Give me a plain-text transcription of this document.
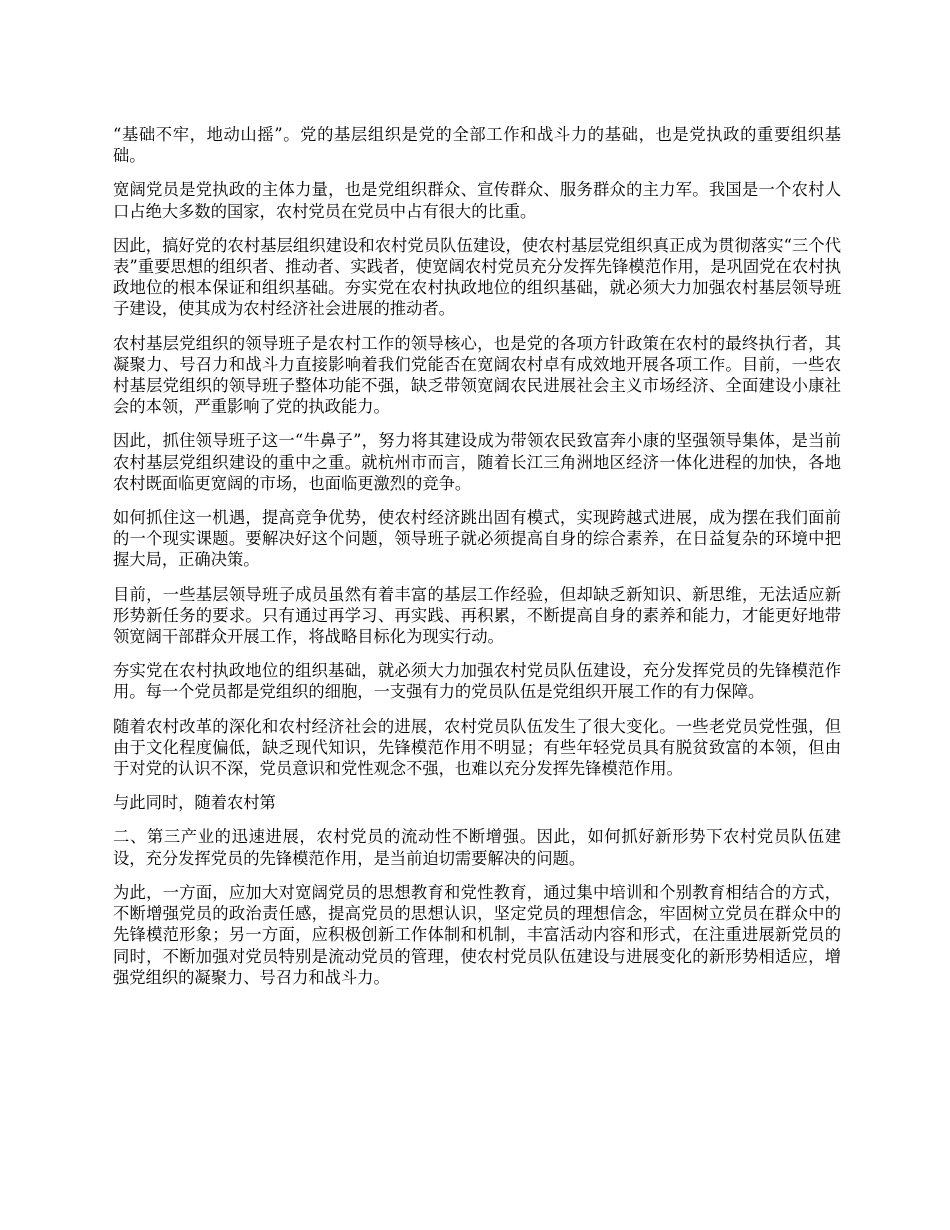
“基础不牢，地动山摇”。党的基层组织是党的全部工作和战斗力的基础，也是党执政的重要组织基础。

宽阔党员是党执政的主体力量，也是党组织群众、宣传群众、服务群众的主力军。我国是一个农村人口占绝大多数的国家，农村党员在党员中占有很大的比重。

因此，搞好党的农村基层组织建设和农村党员队伍建设，使农村基层党组织真正成为贯彻落实“三个代表”重要思想的组织者、推动者、实践者，使宽阔农村党员充分发挥先锋模范作用，是巩固党在农村执政地位的根本保证和组织基础。夯实党在农村执政地位的组织基础，就必须大力加强农村基层领导班子建设，使其成为农村经济社会进展的推动者。

农村基层党组织的领导班子是农村工作的领导核心，也是党的各项方针政策在农村的最终执行者，其凝聚力、号召力和战斗力直接影响着我们党能否在宽阔农村卓有成效地开展各项工作。目前，一些农村基层党组织的领导班子整体功能不强，缺乏带领宽阔农民进展社会主义市场经济、全面建设小康社会的本领，严重影响了党的执政能力。

因此，抓住领导班子这一“牛鼻子”，努力将其建设成为带领农民致富奔小康的坚强领导集体，是当前农村基层党组织建设的重中之重。就杭州市而言，随着长江三角洲地区经济一体化进程的加快，各地农村既面临更宽阔的市场，也面临更激烈的竞争。

如何抓住这一机遇，提高竞争优势，使农村经济跳出固有模式，实现跨越式进展，成为摆在我们面前的一个现实课题。要解决好这个问题，领导班子就必须提高自身的综合素养，在日益复杂的环境中把握大局，正确决策。

目前，一些基层领导班子成员虽然有着丰富的基层工作经验，但却缺乏新知识、新思维，无法适应新形势新任务的要求。只有通过再学习、再实践、再积累，不断提高自身的素养和能力，才能更好地带领宽阔干部群众开展工作，将战略目标化为现实行动。

夯实党在农村执政地位的组织基础，就必须大力加强农村党员队伍建设，充分发挥党员的先锋模范作用。每一个党员都是党组织的细胞，一支强有力的党员队伍是党组织开展工作的有力保障。

随着农村改革的深化和农村经济社会的进展，农村党员队伍发生了很大变化。一些老党员党性强，但由于文化程度偏低，缺乏现代知识，先锋模范作用不明显；有些年轻党员具有脱贫致富的本领，但由于对党的认识不深，党员意识和党性观念不强，也难以充分发挥先锋模范作用。

与此同时，随着农村第

二、第三产业的迅速进展，农村党员的流动性不断增强。因此，如何抓好新形势下农村党员队伍建设，充分发挥党员的先锋模范作用，是当前迫切需要解决的问题。

为此，一方面，应加大对宽阔党员的思想教育和党性教育，通过集中培训和个别教育相结合的方式，不断增强党员的政治责任感，提高党员的思想认识，坚定党员的理想信念，牢固树立党员在群众中的先锋模范形象；另一方面，应积极创新工作体制和机制，丰富活动内容和形式，在注重进展新党员的同时，不断加强对党员特别是流动党员的管理，使农村党员队伍建设与进展变化的新形势相适应，增强党组织的凝聚力、号召力和战斗力。
